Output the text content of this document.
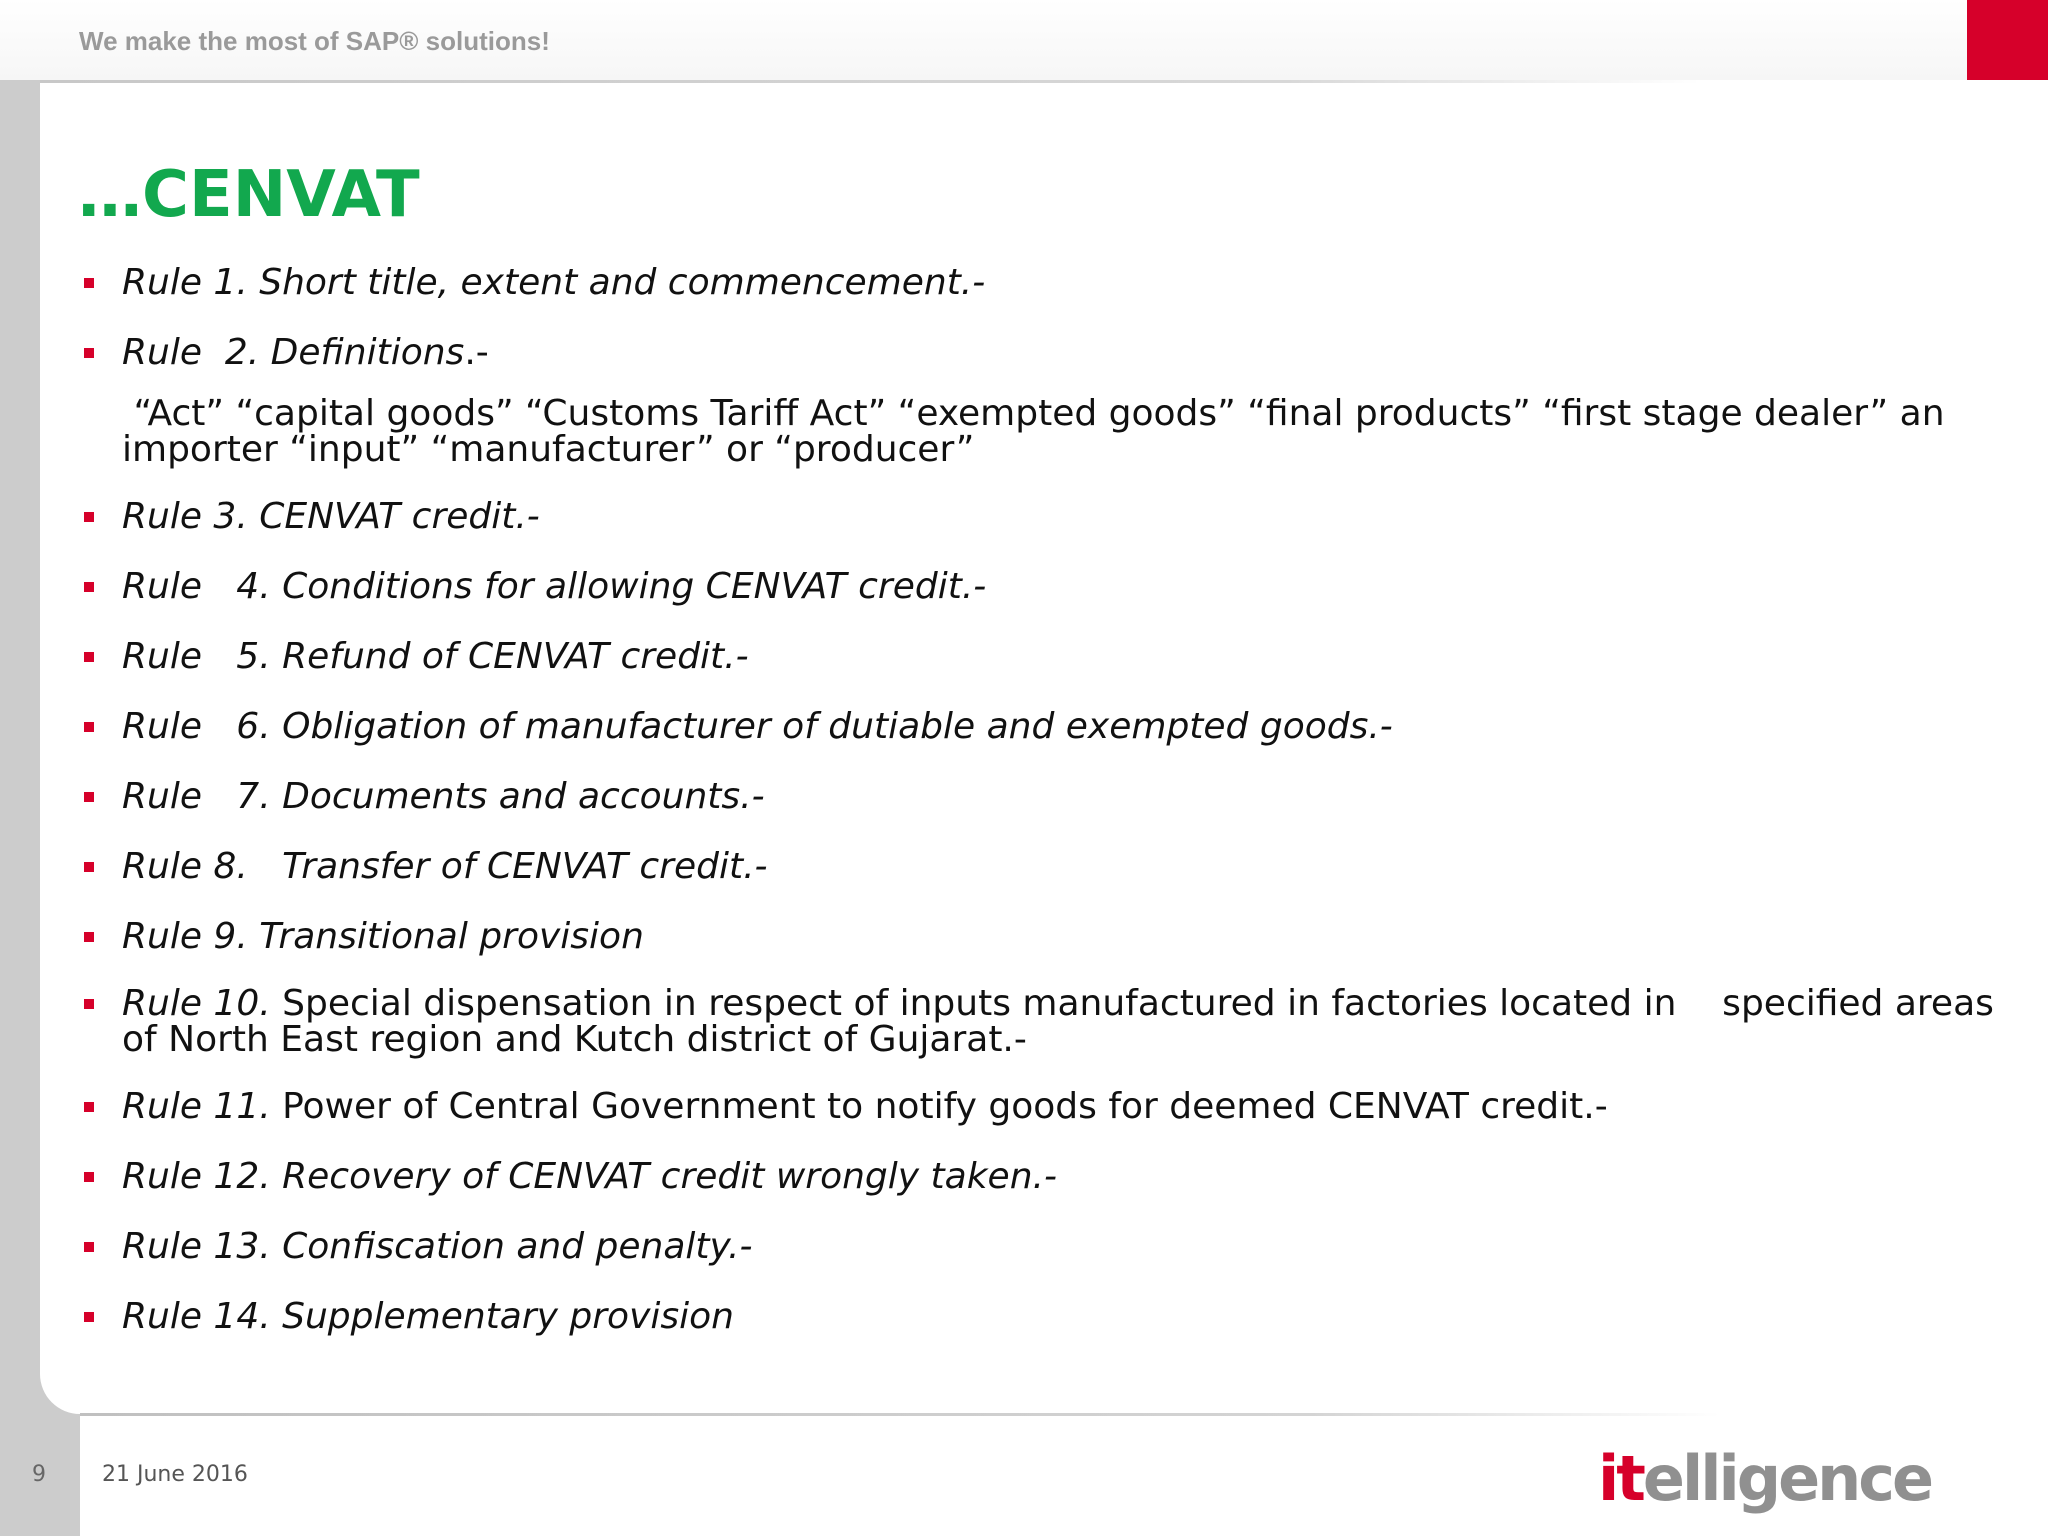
We make the most of SAP® solutions!
…CENVAT
Rule 1. Short title, extent and commencement.-
Rule  2. Definitions.-
“Act” “capital goods” “Customs Tariff Act” “exempted goods” “final products” “first stage dealer” an importer “input” “manufacturer” or “producer”
Rule 3. CENVAT credit.-
Rule   4. Conditions for allowing CENVAT credit.-
Rule   5. Refund of CENVAT credit.-
Rule   6. Obligation of manufacturer of dutiable and exempted goods.-
Rule   7. Documents and accounts.-
Rule 8.   Transfer of CENVAT credit.-
Rule 9. Transitional provision
Rule 10. Special dispensation in respect of inputs manufactured in factories located in    specified areas of North East region and Kutch district of Gujarat.-
Rule 11. Power of Central Government to notify goods for deemed CENVAT credit.-
Rule 12. Recovery of CENVAT credit wrongly taken.-
Rule 13. Confiscation and penalty.-
Rule 14. Supplementary provision
9	21 June 2016	itelligence
